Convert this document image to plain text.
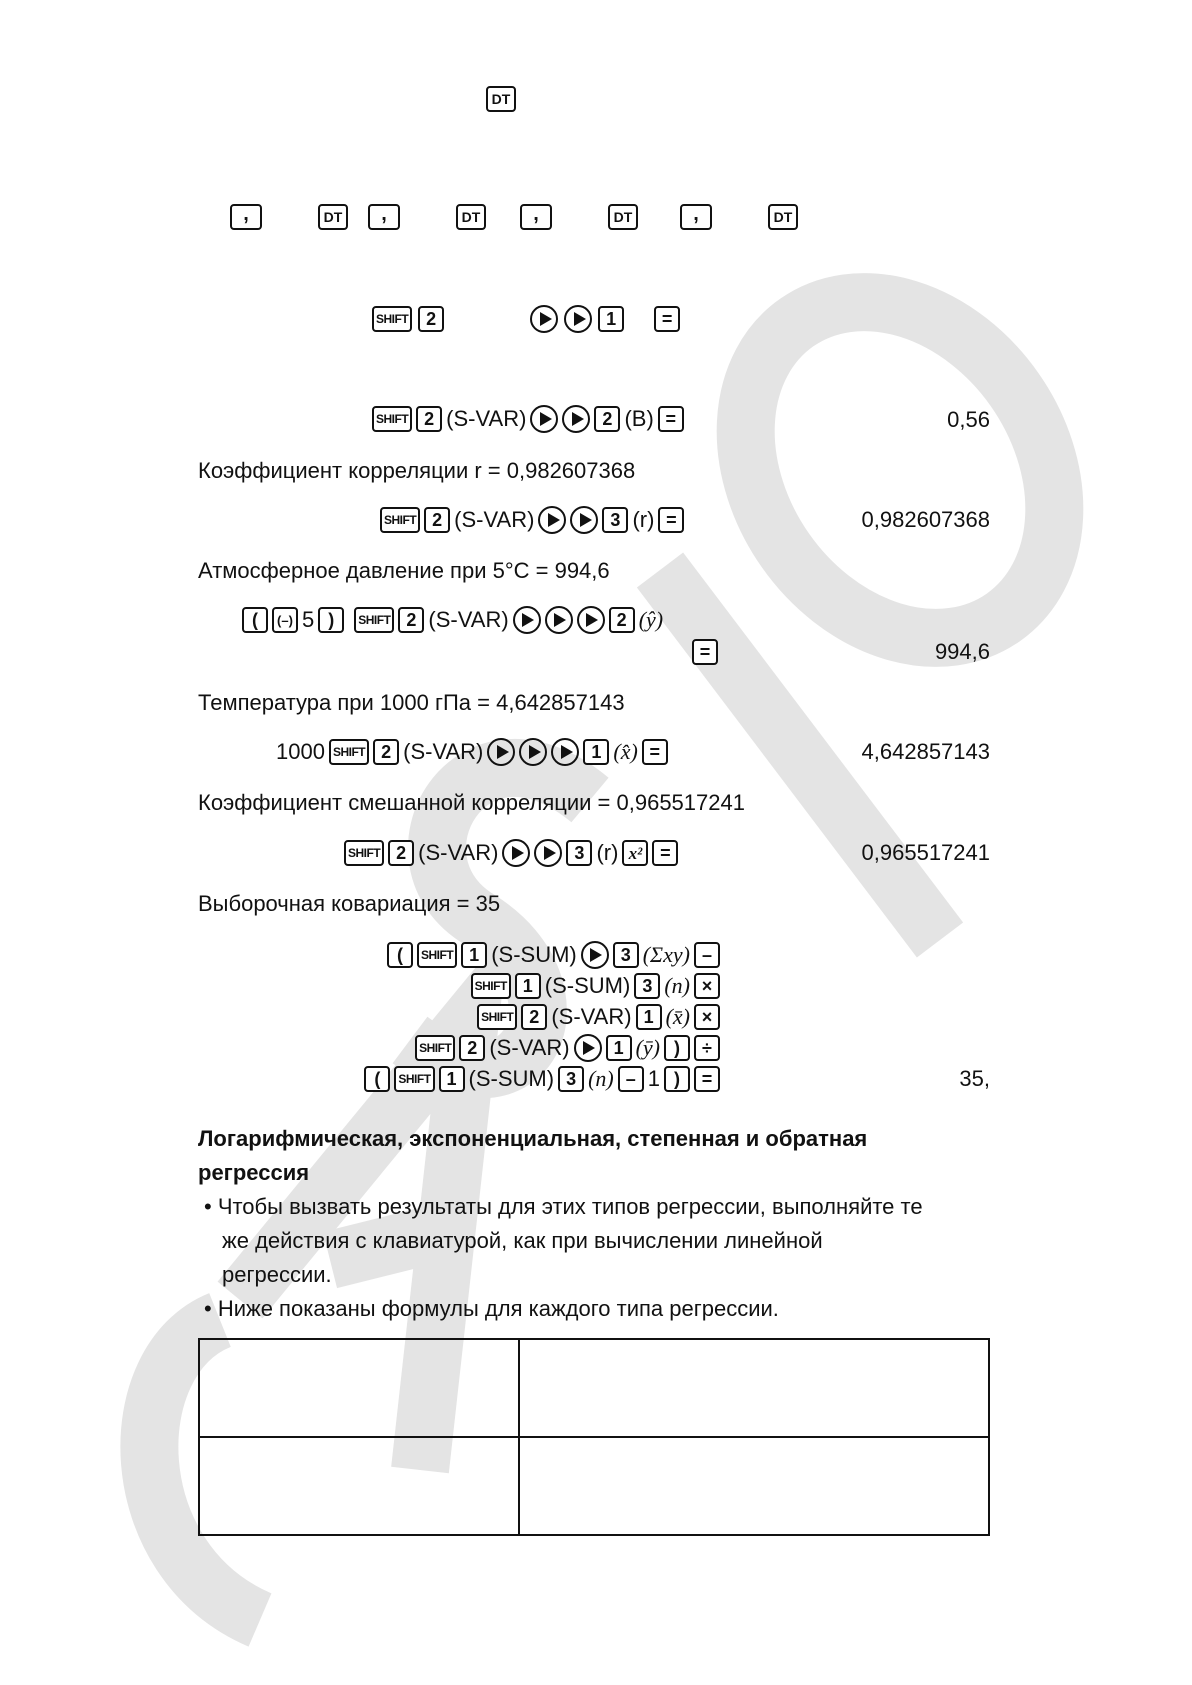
DT
,	DT	,	DT	,	DT	,	DT
SHIFT 2	1	=
SHIFT 2 (S-VAR)	2 (B) =	0,56
Коэффициент корреляции r = 0,982607368
SHIFT 2 (S-VAR)	3 (r) =	0,982607368
Атмосферное давление при 5°C = 994,6
(	(–) 5 )	SHIFT 2 (S-VAR)	2 (ŷ)
=	994,6
Температура при 1000 гПа = 4,642857143
1000 SHIFT 2 (S-VAR)	1 (x̂) =	4,642857143
Коэффициент смешанной корреляции = 0,965517241
SHIFT 2 (S-VAR)	3 (r) x² =	0,965517241
Выборочная ковариация = 35
(	SHIFT 1 (S-SUM)	3 (Σxy) –
SHIFT 1 (S-SUM) 3 (n) ×
SHIFT 2 (S-VAR) 1 (x̄) ×
SHIFT 2 (S-VAR)	1 (ȳ) )	÷
(	SHIFT 1 (S-SUM) 3 (n) – 1 )	=	35,
Логарифмическая, экспоненциальная, степенная и обратная
регрессия
• Чтобы вызвать результаты для этих типов регрессии, выполняйте те
же действия с клавиатурой, как при вычислении линейной
регрессии.
• Ниже показаны формулы для каждого типа регрессии.
